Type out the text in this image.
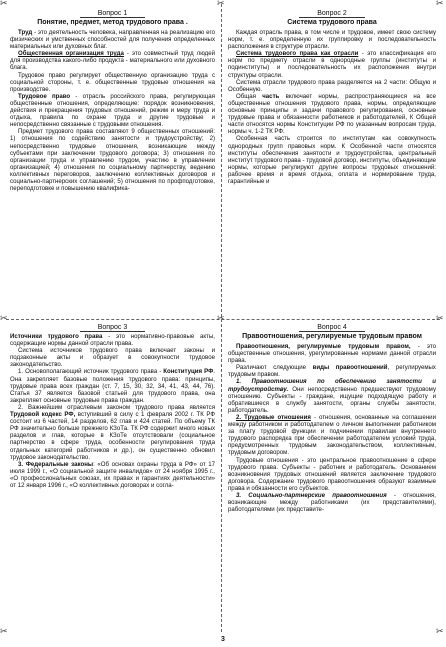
✂	✂	✂
✂	✂	✂
✂	✂
Вопрос 1
Понятие, предмет, метод трудового права .

Труд - это деятельность человека, направленная на реализацию его физических и умственных способностей для получения определенных материальных или духовных благ.

Общественная организация труда - это совместный труд людей для производства какого-либо продукта - материального или духовного блага.

Трудовое право регулирует общественную организацию труда с социальной стороны, т. е. общественные трудовые отношения на производстве.

Трудовое право - отрасль российского права, регулирующая общественные отношения, определяющие: порядок возникновения, действия и прекращения трудовых отношений, режим и меру труда и отдыха, правила по охране труда и другие трудовые и непосредственно связанные с трудовыми отношения.

Предмет трудового права составляют 9 общественных отношений: 1) отношения по содействию занятости и трудоустройству; 2) непосредственно трудовые отношения, возникающие между субъектами при заключении трудового договора; 3) отношения по организации труда и управлению трудом, участию в управлении организацией; 4) отношения по социальному партнерству, ведению коллективных переговоров, заключению коллективных договоров и социально-партнерских соглашений; 5) отношения по профподготовке, переподготовке и повышению квалифика-

Вопрос 2
Система трудового права

Каждая отрасль права, в том числе и трудовое, имеет свою систему норм, т. е. определенную их группировку и последовательность расположения в структуре отрасли.

Система трудового права как отрасли - это классификация его норм по предмету отрасли в однородные группы (институты и подинституты) и последовательность их расположения внутри структуры отрасли.

Система отрасли трудового права разделяется на 2 части: Общую и Особенную.

Общая часть включает нормы, распространяющиеся на все общественные отношения трудового права, нормы, определяющие основные принципы и задачи правового регулирования, основные трудовые права и обязанности работников и работодателей, К Общей части относятся нормы Конституции РФ по указанным вопросам труда, нормы ч. 1-2 ТК РФ.

Особенная часть строится по институтам как совокупность однородных групп правовых норм. К Особенной части относятся институты обеспечения занятости и трудоустройства, центральный институт трудового права - трудовой договор, институты, объединяющие нормы, которые регулируют другие вопросы трудовых отношений: рабочее время и время отдыха, оплата и нормирование труда, гарантийные и

Вопрос 3

Источники трудового права - это нормативно-правовые акты, содержащие нормы данной отрасли права.

Система источников трудового права включает законы и подзаконные акты и образует в совокупности трудовое законодательство.

1. Основополагающий источник трудового права - Конституция РФ. Она закрепляет базовые положения трудового права: принципы, трудовые права всех граждан (ст. 7, 15, 30, 32, 34, 41, 43, 44, 76). Статья 37 является базовой статьей для трудового права, она закрепляет основные трудовые права граждан.

2. Важнейшим отраслевым законом трудового права является Трудовой кодекс РФ, вступивший в силу с 1 февраля 2002 г. ТК РФ состоит из 6 частей, 14 разделов, 62 глав и 424 статей. По объему ТК РФ значительно больше прежнего КЗоТа. ТК РФ содержит много новых разделов и глав, которые в КЗоТе отсутствовали (социальное партнерство в сфере труда, особенности регулирования труда отдельных категорий работников и др.), он существенно обновил трудовое законодательство.

3. Федеральные законы: «Об основах охраны труда в РФ» от 17 июля 1999 г., «О социальной защите инвалидов» от 24 ноября 1995 г., «О профессиональных союзах, их правах и гарантиях деятельности» от 12 января 1996 г., «О коллективных договорах и согла-

Вопрос 4
Правоотношения, регулируемые трудовым правом

Правоотношения, регулируемые трудовым правом, - это общественные отношения, урегулированные нормами данной отрасли права.

Различают следующие виды правоотношений, регулируемых трудовым правом.

1. Правоотношения по обеспечению занятости и трудоустройству. Они непосредственно предшествуют трудовому отношению. Субъекты - граждане, ищущие подходящую работу и обратившиеся в службу занятости, органы службы занятости, работодатель.

2. Трудовые отношения - отношения, основанные на соглашении между работником и работодателем о личном выполнении работником за плату трудовой функции и подчинении правилам внутреннего трудового распорядка при обеспечении работодателем условий труда, предусмотренных трудовым законодательством, коллективным, трудовым договором.

Трудовые отношения - это центральное правоотношение в сфере трудового права. Субъекты - работник и работодатель. Основанием возникновения трудовых отношений является заключение трудового договора. Содержание трудового правоотношения образуют взаимные права и обязанности его субъектов.

3. Социально-партнерские правоотношения - отношения, возникающие между работниками (их представителями), работодателями (их представите-

3
